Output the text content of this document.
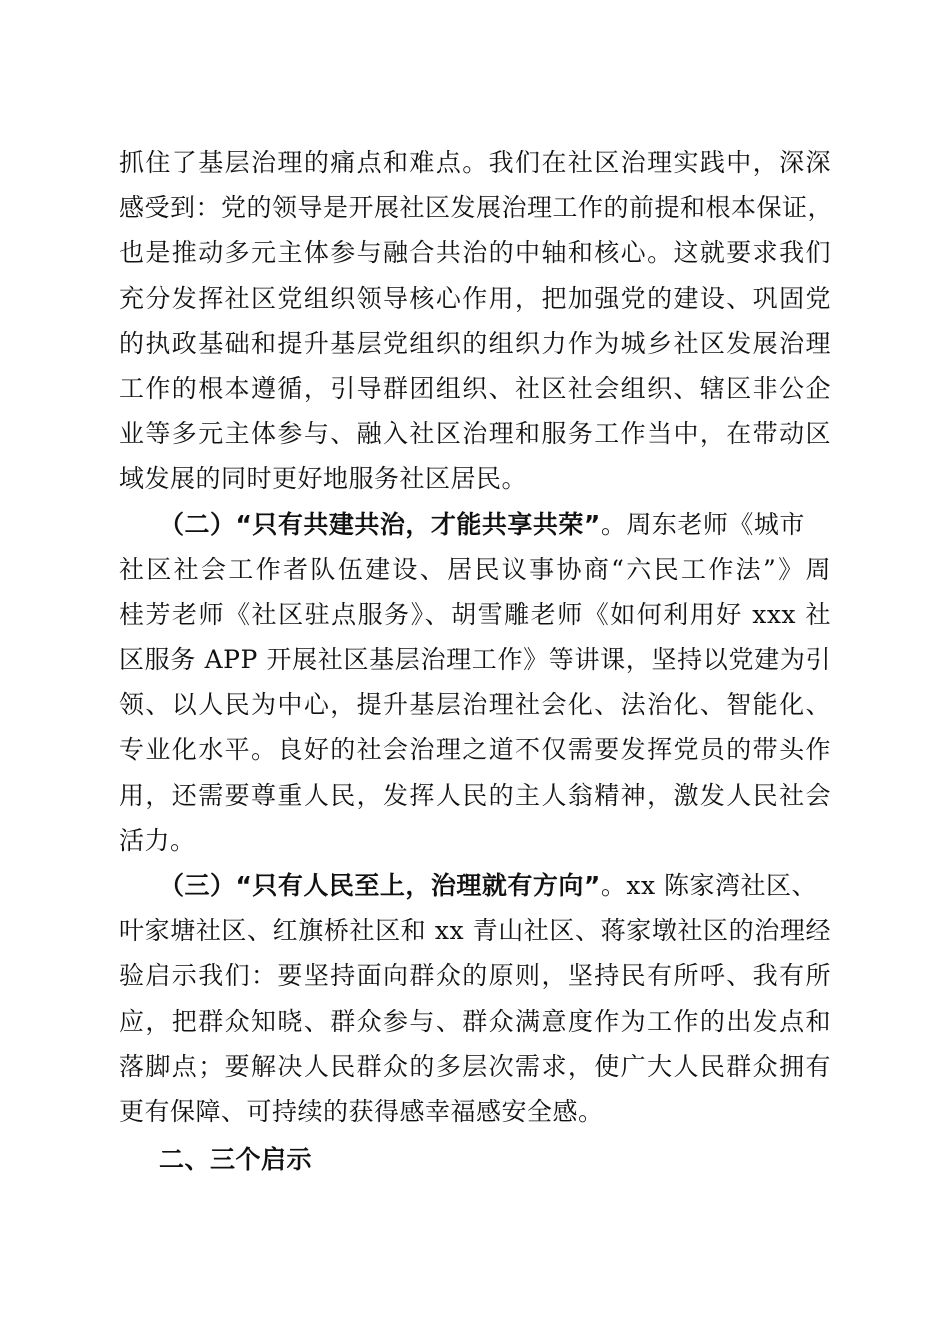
抓住了基层治理的痛点和难点。我们在社区治理实践中，深深
感受到：党的领导是开展社区发展治理工作的前提和根本保证，
也是推动多元主体参与融合共治的中轴和核心。这就要求我们
充分发挥社区党组织领导核心作用，把加强党的建设、巩固党
的执政基础和提升基层党组织的组织力作为城乡社区发展治理
工作的根本遵循，引导群团组织、社区社会组织、辖区非公企
业等多元主体参与、融入社区治理和服务工作当中，在带动区
域发展的同时更好地服务社区居民。
（二）“只有共建共治，才能共享共荣”。周东老师《城市
社区社会工作者队伍建设、居民议事协商“六民工作法”》周
桂芳老师《社区驻点服务》、胡雪雕老师《如何利用好 xxx 社
区服务 APP 开展社区基层治理工作》等讲课，坚持以党建为引
领、以人民为中心，提升基层治理社会化、法治化、智能化、
专业化水平。良好的社会治理之道不仅需要发挥党员的带头作
用，还需要尊重人民，发挥人民的主人翁精神，激发人民社会
活力。
（三）“只有人民至上，治理就有方向”。xx 陈家湾社区、
叶家塘社区、红旗桥社区和 xx 青山社区、蒋家墩社区的治理经
验启示我们：要坚持面向群众的原则，坚持民有所呼、我有所
应，把群众知晓、群众参与、群众满意度作为工作的出发点和
落脚点；要解决人民群众的多层次需求，使广大人民群众拥有
更有保障、可持续的获得感幸福感安全感。
二、三个启示
